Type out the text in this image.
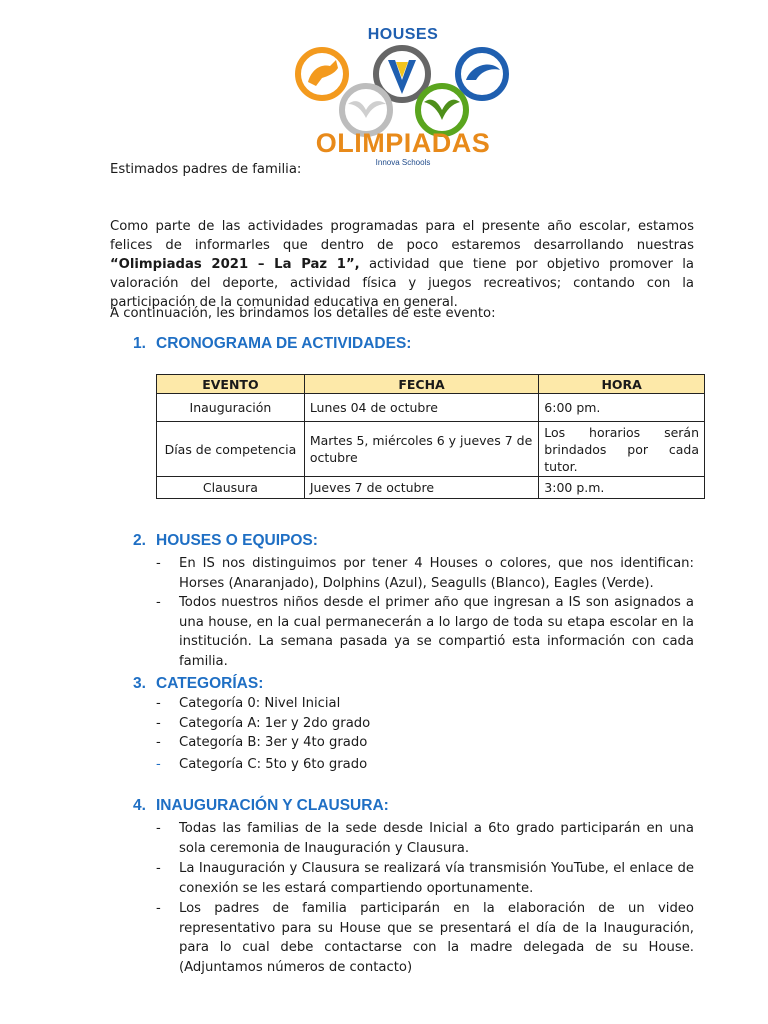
HOUSES
OLIMPIADAS
Innova Schools
Estimados padres de familia:
Como parte de las actividades programadas para el presente año escolar, estamos felices de informarles que dentro de poco estaremos desarrollando nuestras “Olimpiadas 2021 – La Paz 1”, actividad que tiene por objetivo promover la valoración del deporte, actividad física y juegos recreativos; contando con la participación de la comunidad educativa en general.
A continuación, les brindamos los detalles de este evento:
1. CRONOGRAMA DE ACTIVIDADES:
EVENTO	FECHA	HORA
Inauguración	Lunes 04 de octubre	6:00 pm.
Días de competencia	Martes 5, miércoles 6 y jueves 7 de octubre	Los horarios serán brindados por cada tutor.
Clausura	Jueves 7 de octubre	3:00 p.m.
2. HOUSES O EQUIPOS:
-	En IS nos distinguimos por tener 4 Houses o colores, que nos identifican: Horses (Anaranjado), Dolphins (Azul), Seagulls (Blanco), Eagles (Verde).
-	Todos nuestros niños desde el primer año que ingresan a IS son asignados a una house, en la cual permanecerán a lo largo de toda su etapa escolar en la institución. La semana pasada ya se compartió esta información con cada familia.
3. CATEGORÍAS:
-	Categoría 0: Nivel Inicial
-	Categoría A: 1er y 2do grado
-	Categoría B: 3er y 4to grado
-	Categoría C: 5to y 6to grado
4. INAUGURACIÓN Y CLAUSURA:
-	Todas las familias de la sede desde Inicial a 6to grado participarán en una sola ceremonia de Inauguración y Clausura.
-	La Inauguración y Clausura se realizará vía transmisión YouTube, el enlace de conexión se les estará compartiendo oportunamente.
-	Los padres de familia participarán en la elaboración de un video representativo para su House que se presentará el día de la Inauguración, para lo cual debe contactarse con la madre delegada de su House. (Adjuntamos números de contacto)
